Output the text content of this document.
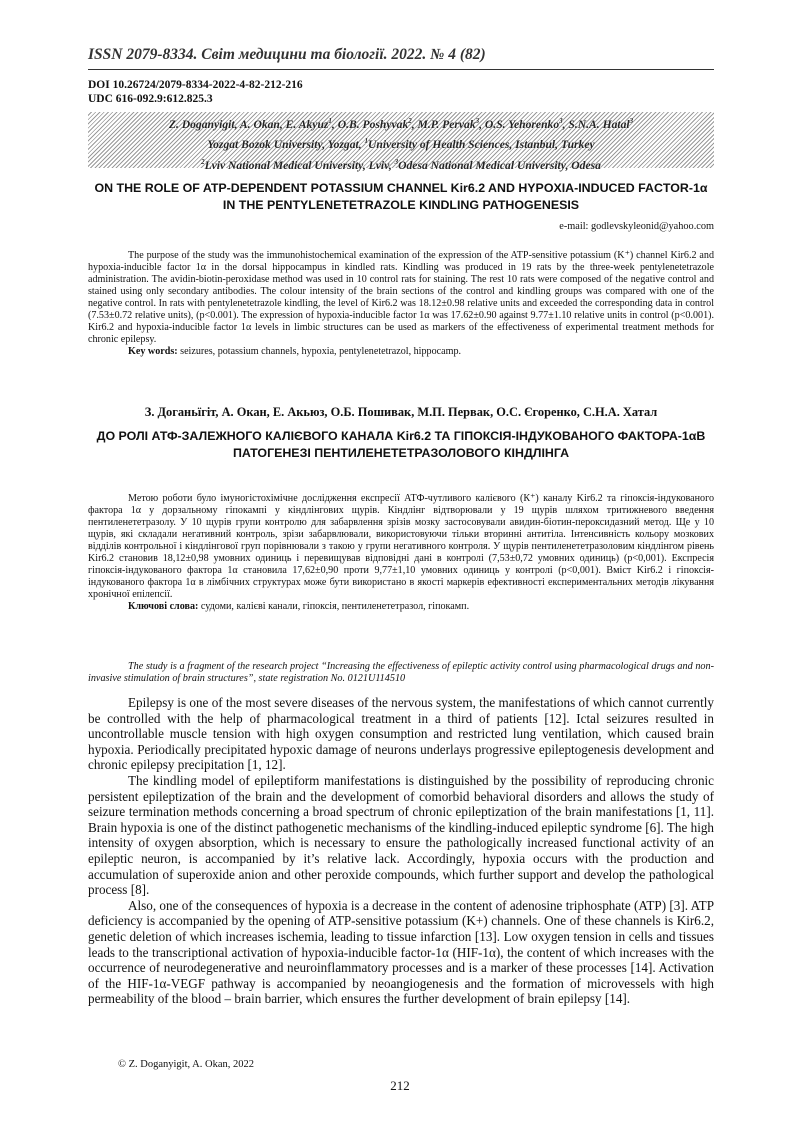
ISSN 2079-8334. Світ медицини та біології. 2022. № 4 (82)
DOI 10.26724/2079-8334-2022-4-82-212-216
UDC 616-092.9:612.825.3
Z. Doganyigit, A. Okan, E. Akyuz$^1$, O.B. Poshyvak$^2$, M.P. Pervak$^3$, O.S. Yehorenko$^3$, S.N.A. Hatal$^3$
Yozgat Bozok University, Yozgat, $^1$University of Health Sciences, Istanbul, Turkey
$^2$Lviv National Medical University, Lviv, $^3$Odesa National Medical University, Odesa
ON THE ROLE OF ATP-DEPENDENT POTASSIUM CHANNEL Kir6.2 AND HYPOXIA-INDUCED FACTOR-1α IN THE PENTYLENETETRAZOLE KINDLING PATHOGENESIS
e-mail: godlevskyleonid@yahoo.com

The purpose of the study was the immunohistochemical examination of the expression of the ATP-sensitive potassium (K⁺) channel Kir6.2 and hypoxia-inducible factor 1α in the dorsal hippocampus in kindled rats. Kindling was produced in 19 rats by the three-week pentylenetetrazole administration. The avidin-biotin-peroxidase method was used in 10 control rats for staining. The rest 10 rats were composed of the negative control and stained using only secondary antibodies. The colour intensity of the brain sections of the control and kindling groups was compared with one of the negative control. In rats with pentylenetetrazole kindling, the level of Kir6.2 was 18.12±0.98 relative units and exceeded the corresponding data in control (7.53±0.72 relative units), (p<0.001). The expression of hypoxia-inducible factor 1α was 17.62±0.90 against 9.77±1.10 relative units in control (p<0.001). Kir6.2 and hypoxia-inducible factor 1α levels in limbic structures can be used as markers of the effectiveness of experimental treatment methods for chronic epilepsy.

Key words: seizures, potassium channels, hypoxia, pentylenetetrazol, hippocamp.

З. Доганьїгіт, А. Окан, Е. Акьюз, О.Б. Пошивак, М.П. Первак, О.С. Єгоренко, С.Н.А. Хатал
ДО РОЛІ АТФ-ЗАЛЕЖНОГО КАЛІЄВОГО КАНАЛА Kir6.2 ТА ГІПОКСІЯ-ІНДУКОВАНОГО ФАКТОРА-1αВ ПАТОГЕНЕЗІ ПЕНТИЛЕНЕТЕТРАЗОЛОВОГО КІНДЛІНГА

Метою роботи було імуногістохімічне дослідження експресії АТФ-чутливого калієвого (К⁺) каналу Kir6.2 та гіпоксія-індукованого фактора 1α у дорзальному гіпокампі у кіндлінгових щурів. Кіндлінг відтворювали у 19 щурів шляхом тритижневого введення пентиленететразолу. У 10 щурів групи контролю для забарвлення зрізів мозку застосовували авидин-біотин-пероксидазний метод. Ще у 10 щурів, які складали негативний контроль, зрізи забарвлювали, використовуючи тільки вторинні антитіла. Інтенсивність кольору мозкових відділів контрольної і кіндлінгової груп порівнювали з такою у групи негативного контроля. У щурів пентиленететразоловим кіндлінгом рівень Kir6.2 становив 18,12±0,98 умовних одиниць і перевищував відповідні дані в контролі (7,53±0,72 умовних одиниць) (p<0,001). Експресія гіпоксія-індукованого фактора 1α становила 17,62±0,90 проти 9,77±1,10 умовних одиниць у контролі (p<0,001). Вміст Kir6.2 і гіпоксія-індукованого фактора 1α в лімбічних структурах може бути використано в якості маркерів ефективності експериментальних методів лікування хронічної епілепсії.

Ключові слова: судоми, калієві канали, гіпоксія, пентиленететразол, гіпокамп.

The study is a fragment of the research project “Increasing the effectiveness of epileptic activity control using pharmacological drugs and non-invasive stimulation of brain structures”, state registration No. 0121U114510

Epilepsy is one of the most severe diseases of the nervous system, the manifestations of which cannot currently be controlled with the help of pharmacological treatment in a third of patients [12]. Ictal seizures resulted in uncontrollable muscle tension with high oxygen consumption and restricted lung ventilation, which caused brain hypoxia. Periodically precipitated hypoxic damage of neurons underlays progressive epileptogenesis development and chronic epilepsy precipitation [1, 12].

The kindling model of epileptiform manifestations is distinguished by the possibility of reproducing chronic persistent epileptization of the brain and the development of comorbid behavioral disorders and allows the study of seizure termination methods concerning a broad spectrum of chronic epileptization of the brain manifestations [1, 11]. Brain hypoxia is one of the distinct pathogenetic mechanisms of the kindling-induced epileptic syndrome [6]. The high intensity of oxygen absorption, which is necessary to ensure the pathologically increased functional activity of an epileptic neuron, is accompanied by it’s relative lack. Accordingly, hypoxia occurs with the production and accumulation of superoxide anion and other peroxide compounds, which further support and develop the pathological process [8].

Also, one of the consequences of hypoxia is a decrease in the content of adenosine triphosphate (ATP) [3]. ATP deficiency is accompanied by the opening of ATP-sensitive potassium (K+) channels. One of these channels is Kir6.2, genetic deletion of which increases ischemia, leading to tissue infarction [13]. Low oxygen tension in cells and tissues leads to the transcriptional activation of hypoxia-inducible factor-1α (HIF-1α), the content of which increases with the occurrence of neurodegenerative and neuroinflammatory processes and is a marker of these processes [14]. Activation of the HIF-1α-VEGF pathway is accompanied by neoangiogenesis and the formation of microvessels with high permeability of the blood – brain barrier, which ensures the further development of brain epilepsy [14].

© Z. Doganyigit, A. Okan, 2022
212
